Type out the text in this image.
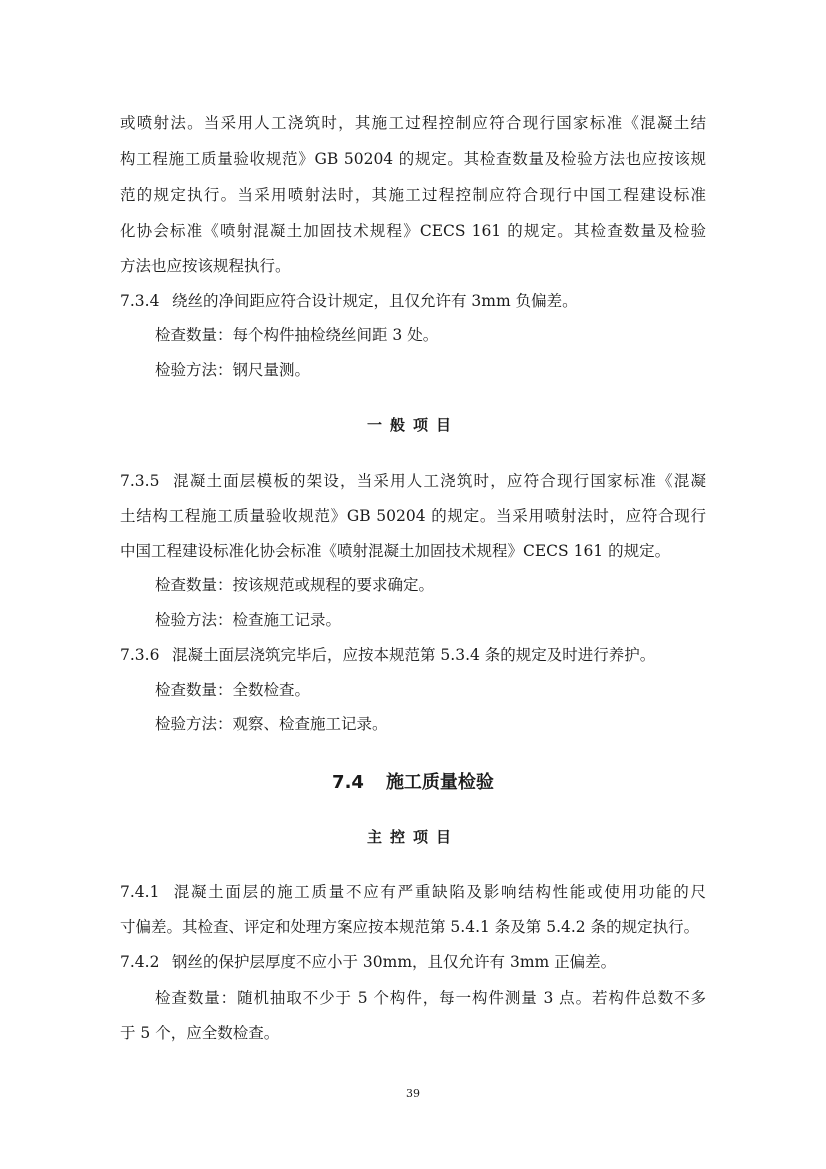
或喷射法。当采用人工浇筑时，其施工过程控制应符合现行国家标准《混凝土结
构工程施工质量验收规范》GB 50204 的规定。其检查数量及检验方法也应按该规
范的规定执行。当采用喷射法时，其施工过程控制应符合现行中国工程建设标准
化协会标准《喷射混凝土加固技术规程》CECS 161 的规定。其检查数量及检验
方法也应按该规程执行。
7.3.4 绕丝的净间距应符合设计规定，且仅允许有 3mm 负偏差。
检查数量：每个构件抽检绕丝间距 3 处。
检验方法：钢尺量测。
一般项目
7.3.5 混凝土面层模板的架设，当采用人工浇筑时，应符合现行国家标准《混凝
土结构工程施工质量验收规范》GB 50204 的规定。当采用喷射法时，应符合现行
中国工程建设标准化协会标准《喷射混凝土加固技术规程》CECS 161 的规定。
检查数量：按该规范或规程的要求确定。
检验方法：检查施工记录。
7.3.6 混凝土面层浇筑完毕后，应按本规范第 5.3.4 条的规定及时进行养护。
检查数量：全数检查。
检验方法：观察、检查施工记录。
7.4 施工质量检验
主控项目
7.4.1 混凝土面层的施工质量不应有严重缺陷及影响结构性能或使用功能的尺
寸偏差。其检查、评定和处理方案应按本规范第 5.4.1 条及第 5.4.2 条的规定执行。
7.4.2 钢丝的保护层厚度不应小于 30mm，且仅允许有 3mm 正偏差。
检查数量：随机抽取不少于 5 个构件，每一构件测量 3 点。若构件总数不多
于 5 个，应全数检查。
39
